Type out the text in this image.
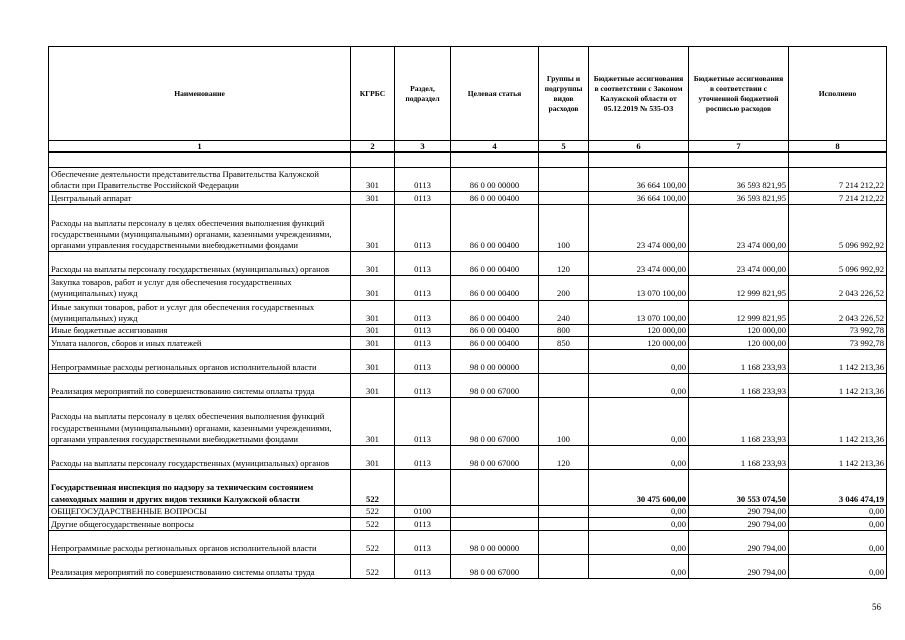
Наименование	КГРБС	Раздел, подраздел	Целевая статья	Группы и подгруппы видов расходов	Бюджетные ассигнования в соответствии с Законом Калужской области от 05.12.2019 № 535-ОЗ	Бюджетные ассигнования в соответствии с уточненной бюджетной росписью расходов	Исполнено
1	2	3	4	5	6	7	8

Обеспечение деятельности представительства Правительства Калужской области при Правительстве Российской Федерации	301	0113	86 0 00 00000		36 664 100,00	36 593 821,95	7 214 212,22
Центральный аппарат	301	0113	86 0 00 00400		36 664 100,00	36 593 821,95	7 214 212,22
Расходы на выплаты персоналу в целях обеспечения выполнения функций государственными (муниципальными) органами, казенными учреждениями, органами управления государственными внебюджетными фондами	301	0113	86 0 00 00400	100	23 474 000,00	23 474 000,00	5 096 992,92
Расходы на выплаты персоналу государственных (муниципальных) органов	301	0113	86 0 00 00400	120	23 474 000,00	23 474 000,00	5 096 992,92
Закупка товаров, работ и услуг для обеспечения государственных (муниципальных) нужд	301	0113	86 0 00 00400	200	13 070 100,00	12 999 821,95	2 043 226,52
Иные закупки товаров, работ и услуг для обеспечения государственных (муниципальных) нужд	301	0113	86 0 00 00400	240	13 070 100,00	12 999 821,95	2 043 226,52
Иные бюджетные ассигнования	301	0113	86 0 00 00400	800	120 000,00	120 000,00	73 992,78
Уплата налогов, сборов и иных платежей	301	0113	86 0 00 00400	850	120 000,00	120 000,00	73 992,78
Непрограммные расходы региональных органов исполнительной власти	301	0113	98 0 00 00000		0,00	1 168 233,93	1 142 213,36
Реализация мероприятий по совершенствованию системы оплаты труда	301	0113	98 0 00 67000		0,00	1 168 233,93	1 142 213,36
Расходы на выплаты персоналу в целях обеспечения выполнения функций государственными (муниципальными) органами, казенными учреждениями, органами управления государственными внебюджетными фондами	301	0113	98 0 00 67000	100	0,00	1 168 233,93	1 142 213,36
Расходы на выплаты персоналу государственных (муниципальных) органов	301	0113	98 0 00 67000	120	0,00	1 168 233,93	1 142 213,36
Государственная инспекция по надзору за техническим состоянием самоходных машин и других видов техники Калужской области	522				30 475 600,00	30 553 074,50	3 046 474,19
ОБЩЕГОСУДАРСТВЕННЫЕ ВОПРОСЫ	522	0100			0,00	290 794,00	0,00
Другие общегосударственные вопросы	522	0113			0,00	290 794,00	0,00
Непрограммные расходы региональных органов исполнительной власти	522	0113	98 0 00 00000		0,00	290 794,00	0,00
Реализация мероприятий по совершенствованию системы оплаты труда	522	0113	98 0 00 67000		0,00	290 794,00	0,00
56
